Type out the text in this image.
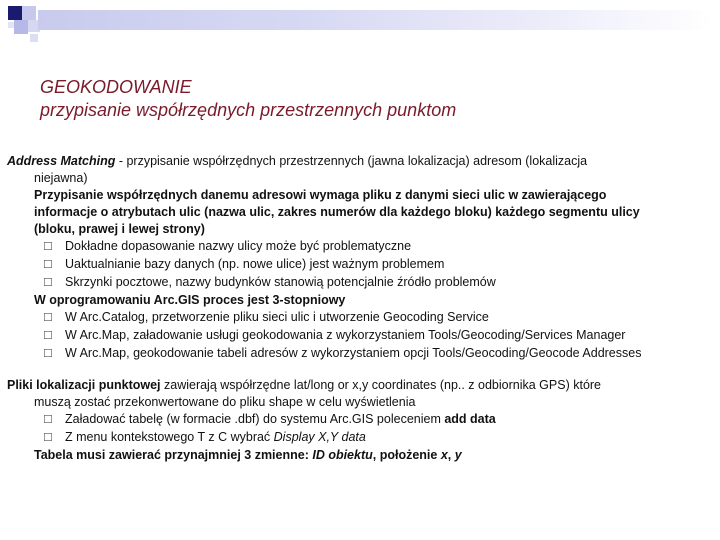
GEOKODOWANIE
przypisanie współrzędnych przestrzennych punktom
Address Matching - przypisanie współrzędnych przestrzennych (jawna lokalizacja) adresom (lokalizacja
niejawna)
Przypisanie współrzędnych danemu adresowi wymaga pliku z danymi sieci ulic w zawierającego
informacje o atrybutach ulic (nazwa ulic, zakres numerów dla każdego bloku) każdego segmentu ulicy
(bloku, prawej i lewej strony)
☐ Dokładne dopasowanie nazwy ulicy może być problematyczne
☐ Uaktualnianie bazy danych (np. nowe ulice) jest ważnym problemem
☐ Skrzynki pocztowe, nazwy budynków stanowią potencjalnie źródło problemów
W oprogramowaniu Arc.GIS proces jest 3-stopniowy
☐ W Arc.Catalog, przetworzenie pliku sieci ulic i utworzenie Geocoding Service
☐ W Arc.Map, załadowanie usługi geokodowania z wykorzystaniem Tools/Geocoding/Services Manager
☐ W Arc.Map, geokodowanie tabeli adresów z wykorzystaniem opcji Tools/Geocoding/Geocode Addresses
Pliki lokalizacji punktowej zawierają współrzędne lat/long or x,y coordinates (np.. z odbiornika GPS) które
muszą zostać przekonwertowane do pliku shape w celu wyświetlenia
☐ Załadować tabelę (w formacie .dbf) do systemu Arc.GIS poleceniem add data
☐ Z menu kontekstowego T z C wybrać Display X,Y data
Tabela musi zawierać przynajmniej 3 zmienne: ID obiektu, położenie x, y
